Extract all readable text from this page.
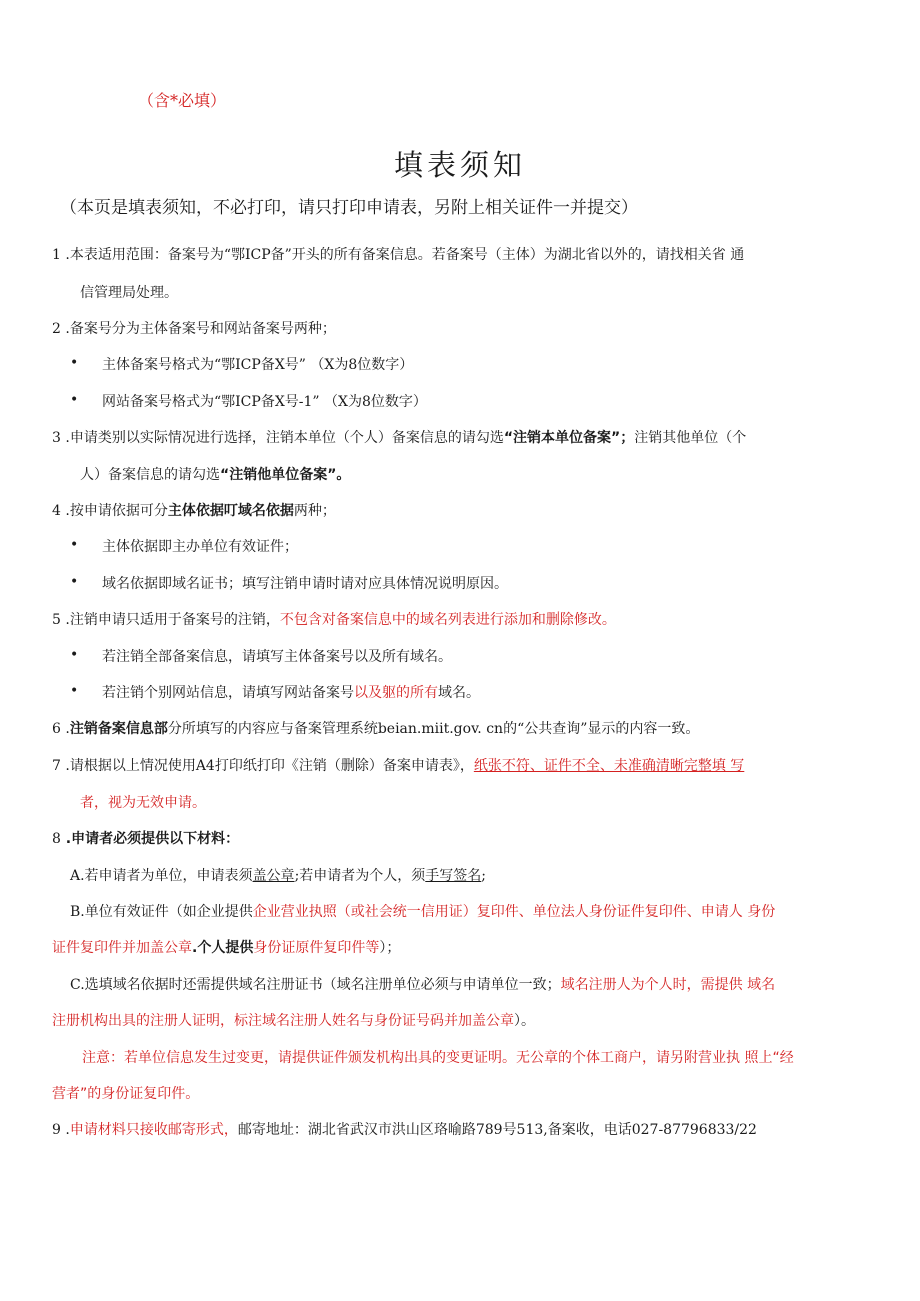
（含*必填）
填表须知
（本页是填表须知，不必打印，请只打印申请表，另附上相关证件一并提交）
1 .本表适用范围：备案号为“鄂ICP备”开头的所有备案信息。若备案号（主体）为湖北省以外的，请找相关省 通
信管理局处理。
2 .备案号分为主体备案号和网站备案号两种；
• 主体备案号格式为“鄂ICP备X号” （X为8位数字）
• 网站备案号格式为“鄂ICP备X号-1” （X为8位数字）
3 .申请类别以实际情况进行选择，注销本单位（个人）备案信息的请勾选“注销本单位备案”；注销其他单位（个
人）备案信息的请勾选“注销他单位备案”。
4 .按申请依据可分主体依据叮域名依据两种；
• 主体依据即主办单位有效证件；
• 域名依据即域名证书；填写注销申请时请对应具体情况说明原因。
5 .注销申请只适用于备案号的注销，不包含对备案信息中的域名列表进行添加和删除修改。
• 若注销全部备案信息，请填写主体备案号以及所有域名。
• 若注销个别网站信息，请填写网站备案号以及躯的所有域名。
6 .注销备案信息部分所填写的内容应与备案管理系统beian.miit.gov. cn的“公共查询”显示的内容一致。
7 .请根据以上情况使用A4打印纸打印《注销（删除）备案申请表》，纸张不符、证件不全、未准确清晰完整填 写
者，视为无效申请。
8 .申请者必须提供以下材料：
A.若申请者为单位，申请表须盖公章;若申请者为个人，须手写签名;
B.单位有效证件（如企业提供企业营业执照（或社会统一信用证）复印件、单位法人身份证件复印件、申请人 身份
证件复印件并加盖公章.个人提供身份证原件复印件等）；
C.选填域名依据时还需提供域名注册证书（域名注册单位必须与申请单位一致；域名注册人为个人时，需提供 域名
注册机构出具的注册人证明，标注域名注册人姓名与身份证号码并加盖公章）。
注意：若单位信息发生过变更，请提供证件颁发机构出具的变更证明。无公章的个体工商户，请另附营业执 照上“经
营者”的身份证复印件。
9 .申请材料只接收邮寄形式，邮寄地址：湖北省武汉市洪山区珞喻路789号513,备案收，电话027-87796833/22
